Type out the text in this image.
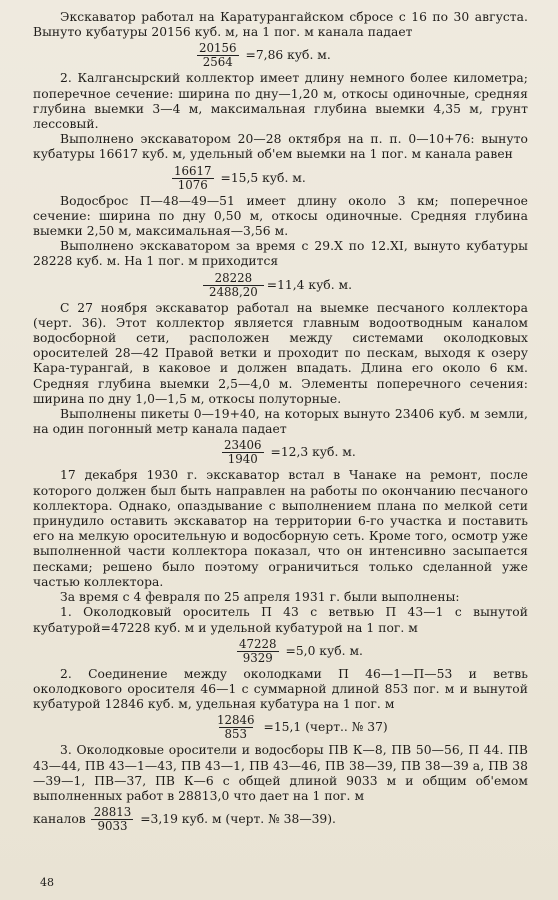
Экскаватор работал на Каратурангайском сбросе с 16 по 30 августа. Вынуто кубатуры 20156 куб. м, на 1 пог. м канала падает

$\frac{20156}{2564} =7,86$ куб. м.

2. Калгансырский коллектор имеет длину немного более километра; поперечное сечение: ширина по дну—1,20 м, откосы одиночные, средняя глубина выемки 3—4 м, максимальная глубина выемки 4,35 м, грунт лессовый.

Выполнено экскаватором 20—28 октября на п. п. 0—10+76: вынуто кубатуры 16617 куб. м, удельный об'ем выемки на 1 пог. м канала равен

$\frac{16617}{1076} =15,5$ куб. м.

Водосброс П—48—49—51 имеет длину около 3 км; поперечное сечение: ширина по дну 0,50 м, откосы одиночные. Средняя глубина выемки 2,50 м, максимальная—3,56 м.

Выполнено экскаватором за время с 29.X по 12.XI, вынуто кубатуры 28228 куб. м. На 1 пог. м приходится

$\frac{28228}{2488,20} =11,4$ куб. м.

С 27 ноября экскаватор работал на выемке песчаного коллектора (черт. 36). Этот коллектор является главным водоотводным каналом водосборной сети, расположен между системами околодковых оросителей 28—42 Правой ветки и проходит по пескам, выходя к озеру Кара-турангай, в каковое и должен впадать. Длина его около 6 км. Средняя глубина выемки 2,5—4,0 м. Элементы поперечного сечения: ширина по дну 1,0—1,5 м, откосы полуторные.

Выполнены пикеты 0—19+40, на которых вынуто 23406 куб. м земли, на один погонный метр канала падает

$\frac{23406}{1940} =12,3$ куб. м.

17 декабря 1930 г. экскаватор встал в Чанаке на ремонт, после которого должен был быть направлен на работы по окончанию песчаного коллектора. Однако, опаздывание с выполнением плана по мелкой сети принудило оставить экскаватор на территории 6-го участка и поставить его на мелкую оросительную и водосборную сеть. Кроме того, осмотр уже выполненной части коллектора показал, что он интенсивно засыпается песками; решено было поэтому ограничиться только сделанной уже частью коллектора.

За время с 4 февраля по 25 апреля 1931 г. были выполнены:

1. Околодковый ороситель П 43 с ветвью П 43—1 с вынутой кубатурой=47228 куб. м и удельной кубатурой на 1 пог. м

$\frac{47228}{9329} =5,0$ куб. м.

2. Соединение между околодками П 46—1—П—53 и ветвь околодкового оросителя 46—1 с суммарной длиной 853 пог. м и вынутой кубатурой 12846 куб. м, удельная кубатура на 1 пог. м

$\frac{12846}{853} =15,1$ (черт.. № 37)

3. Околодковые оросители и водосборы ПВ К—8, ПВ 50—56, П 44. ПВ 43—44, ПВ 43—1—43, ПВ 43—1, ПВ 43—46, ПВ 38—39, ПВ 38—39 а, ПВ 38—39—1, ПВ—37, ПВ К—6 с общей длиной 9033 м и общим об'емом выполненных работ в 28813,0 что дает на 1 пог. м

каналов $\frac{28813}{9033} =3,19$ куб. м (черт. № 38—39).
48
